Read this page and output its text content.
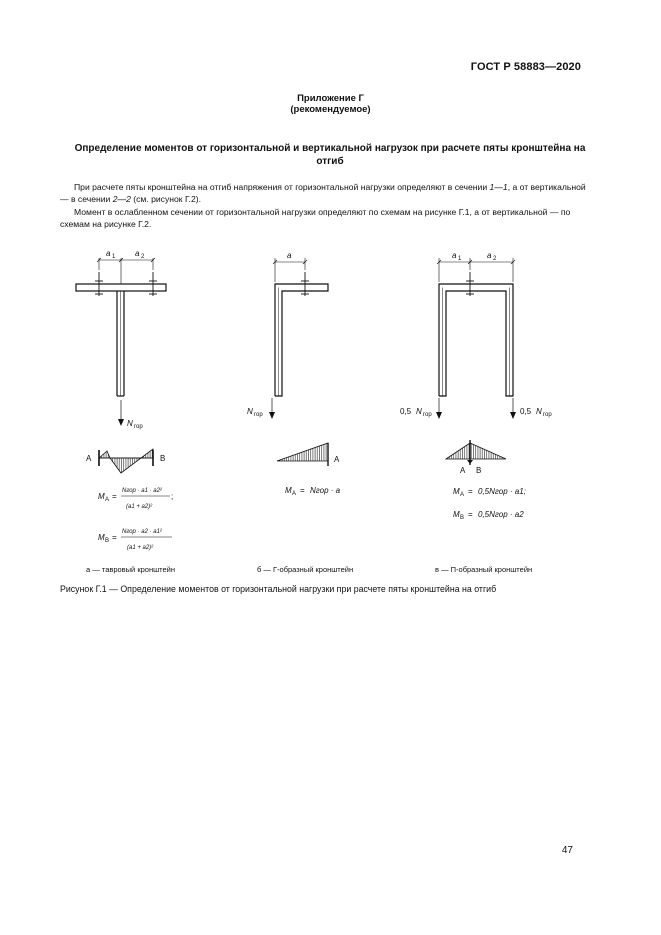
ГОСТ Р 58883—2020
Приложение Г
(рекомендуемое)
Определение моментов от горизонтальной и вертикальной нагрузок при расчете пяты кронштейна на отгиб
При расчете пяты кронштейна на отгиб напряжения от горизонтальной нагрузки определяют в сечении 1—1, а от вертикальной — в сечении 2—2 (см. рисунок Г.2).
Момент в ослабленном сечении от горизонтальной нагрузки определяют по схемам на рисунке Г.1, а от вертикальной — по схемам на рисунке Г.2.
a 1 a 2
N гор
A	B
M A =
Nгор · a1 · a2²
(a1 + a2)²
;
M B =
Nгор · a2 · a1²
(a1 + a2)²
a
N гор
A
M A = Nгор · a
a 1	a 2
0,5 N гор	0,5 N гор
A B
M A = 0,5Nгор · a1;
M B = 0,5Nгор · a2
а — тавровый кронштейн	б — Г-образный кронштейн	в — П-образный кронштейн
Рисунок Г.1 — Определение моментов от горизонтальной нагрузки при расчете пяты кронштейна на отгиб
47
